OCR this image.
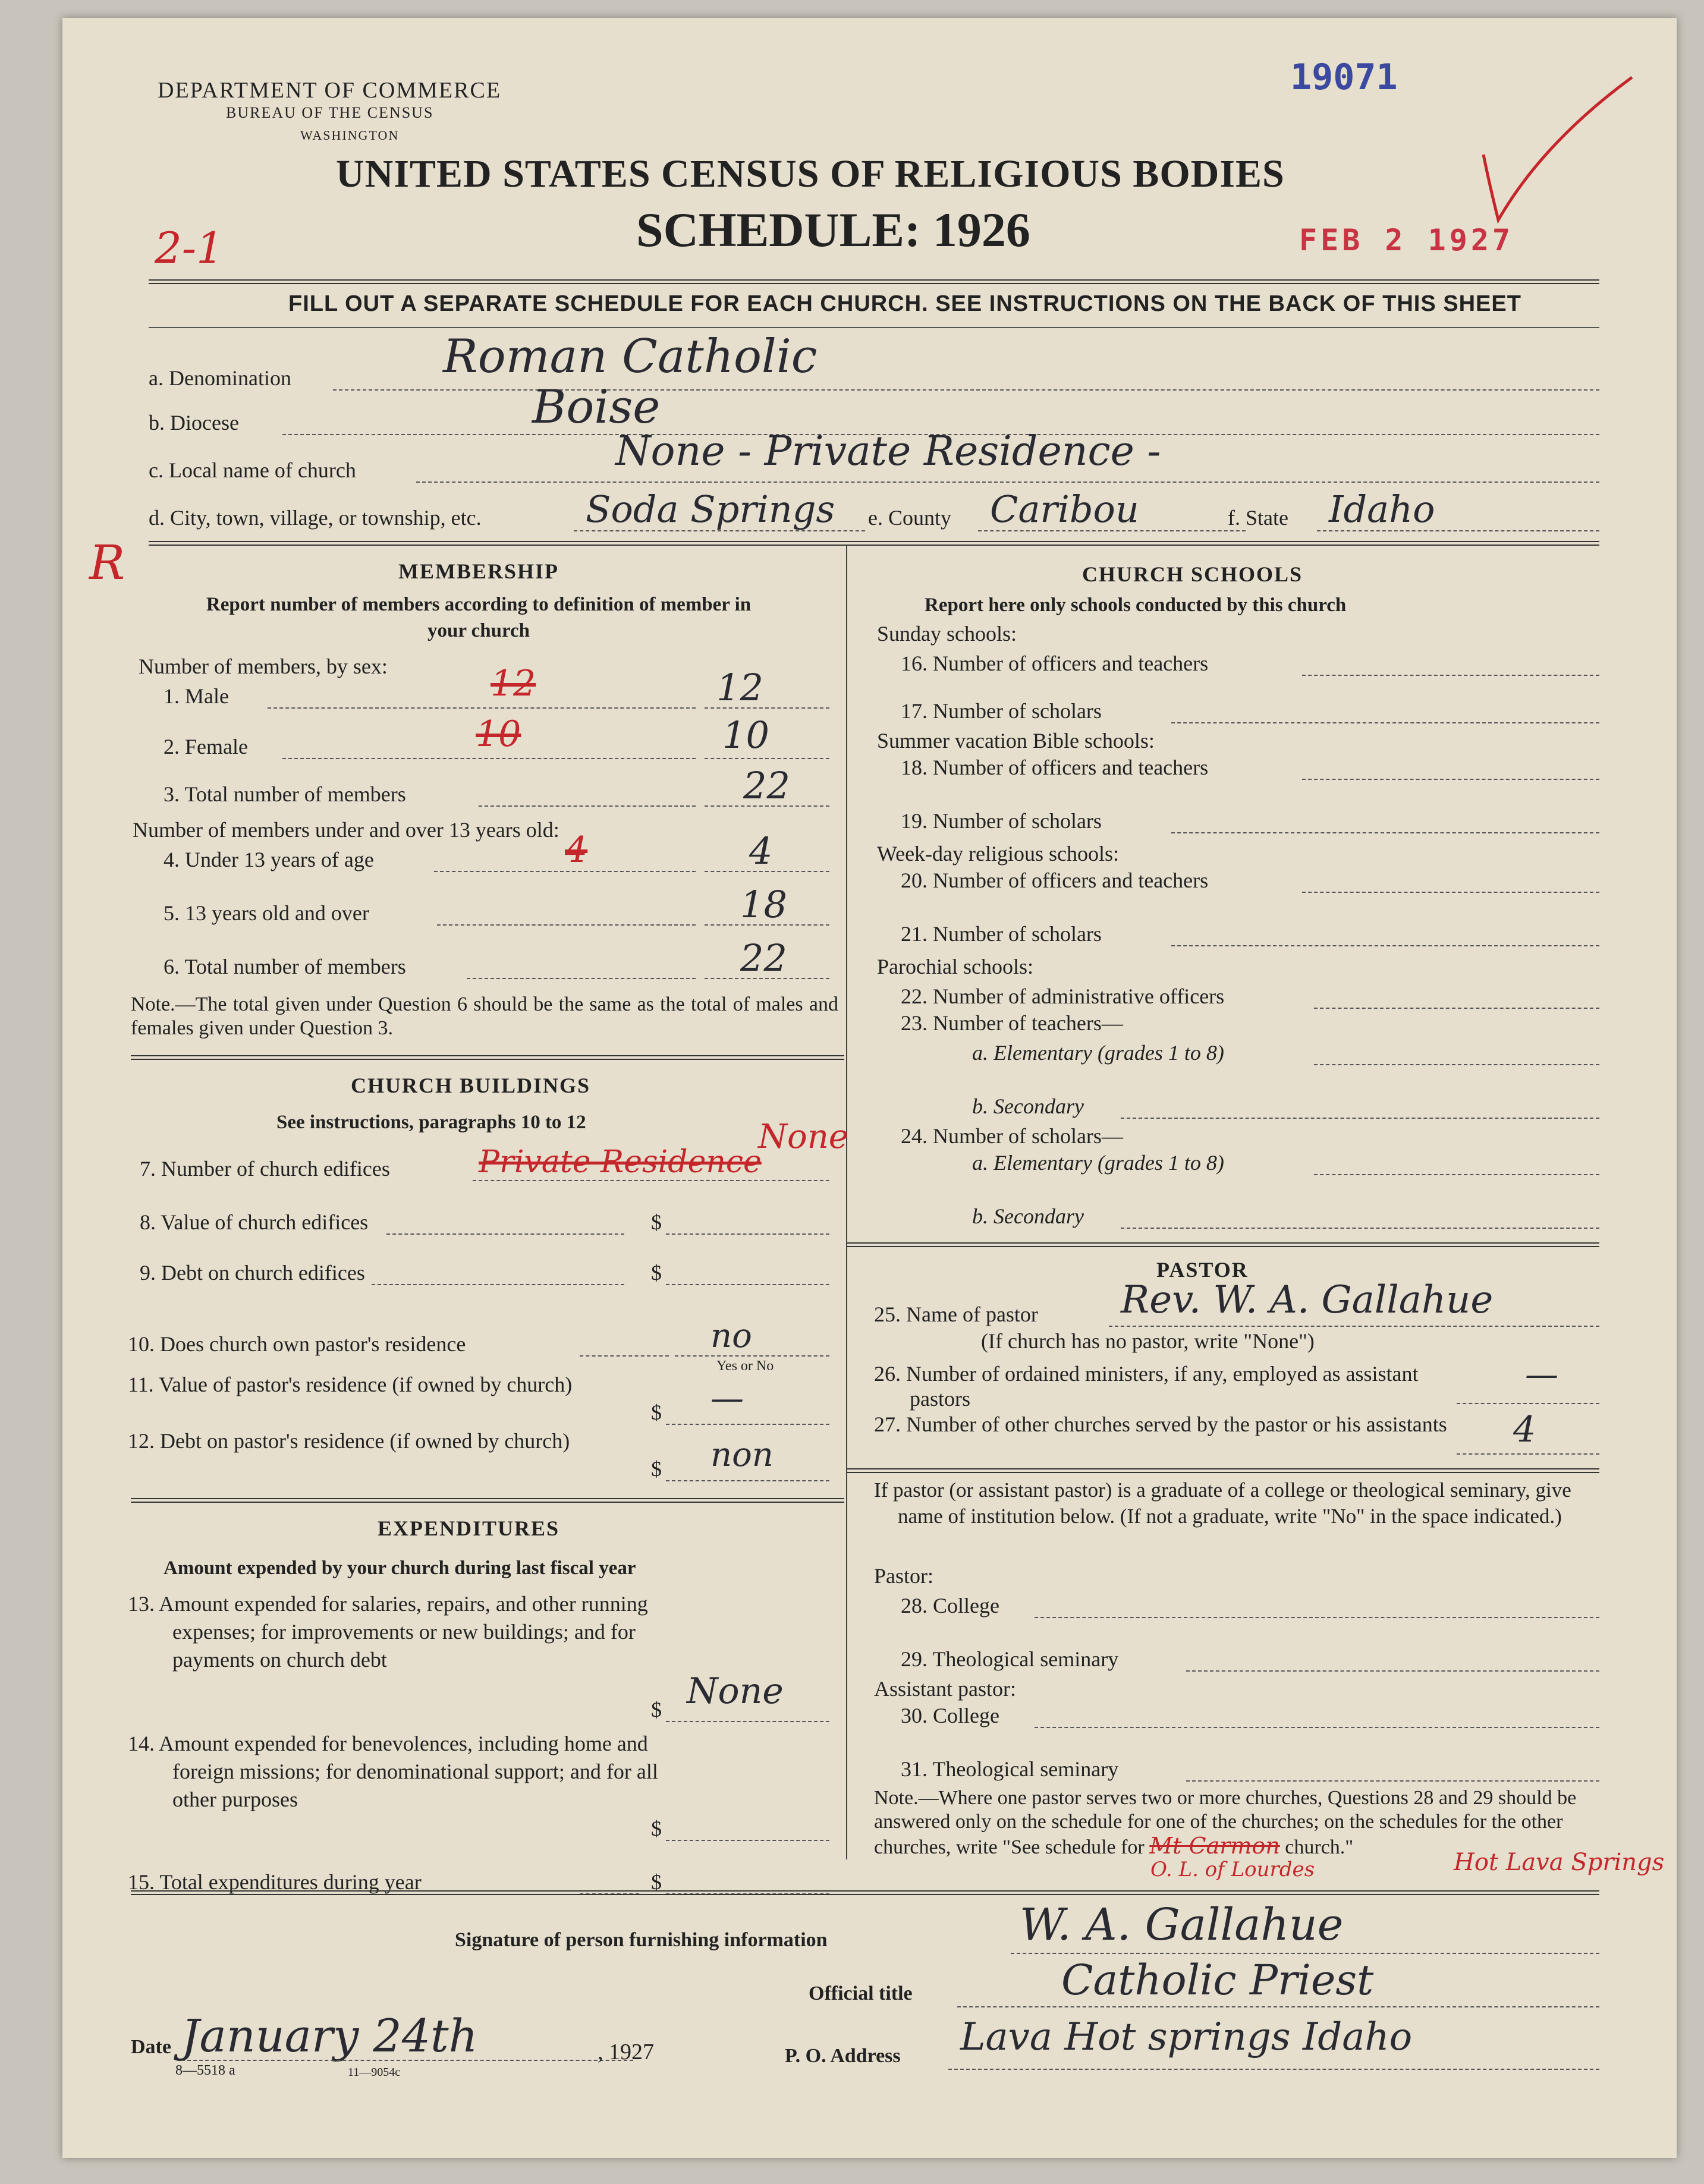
DEPARTMENT OF COMMERCE
BUREAU OF THE CENSUS
WASHINGTON
19071
UNITED STATES CENSUS OF RELIGIOUS BODIES
SCHEDULE: 1926
2-1	FEB 2 1927
FILL OUT A SEPARATE SCHEDULE FOR EACH CHURCH. SEE INSTRUCTIONS ON THE BACK OF THIS SHEET
a. Denomination	Roman Catholic
b. Diocese	Boise
c. Local name of church	None - Private Residence -
R
d. City, town, village, or township, etc.	Soda Springs e. County Caribou	f. State Idaho
MEMBERSHIP
Report number of members according to definition of member in your church
Number of members, by sex:
1. Male	12	12
2. Female	10	10
3. Total number of members	22
Number of members under and over 13 years old:
4. Under 13 years of age	4	4
5. 13 years old and over	18
6. Total number of members	22
Note.—The total given under Question 6 should be the same as the total of males and females given under Question 3.
CHURCH BUILDINGS
See instructions, paragraphs 10 to 12
7. Number of church edifices	Private Residence
None
8. Value of church edifices	$
9. Debt on church edifices	$
10. Does church own pastor's residence	no
Yes or No
11. Value of pastor's residence (if owned by church)
$ —
12. Debt on pastor's residence (if owned by church)
$ non
EXPENDITURES
Amount expended by your church during last fiscal year
13. Amount expended for salaries, repairs, and other running expenses; for improvements or new buildings; and for payments on church debt
$ None
14. Amount expended for benevolences, including home and foreign missions; for denominational support; and for all other purposes
$
15. Total expenditures during year	$
CHURCH SCHOOLS
Report here only schools conducted by this church
Sunday schools:
16. Number of officers and teachers
17. Number of scholars
Summer vacation Bible schools:
18. Number of officers and teachers
19. Number of scholars
Week-day religious schools:
20. Number of officers and teachers
21. Number of scholars
Parochial schools:
22. Number of administrative officers
23. Number of teachers—
a. Elementary (grades 1 to 8)
b. Secondary
24. Number of scholars—
a. Elementary (grades 1 to 8)
b. Secondary
PASTOR
25. Name of pastor Rev. W. A. Gallahue
(If church has no pastor, write "None")
26. Number of ordained ministers, if any, employed as assistant pastors
—
27. Number of other churches served by the pastor or his assistants	4
If pastor (or assistant pastor) is a graduate of a college or theological seminary, give name of institution below. (If not a graduate, write "No" in the space indicated.)
Pastor:
28. College
29. Theological seminary
Assistant pastor:
30. College
31. Theological seminary
Note.—Where one pastor serves two or more churches, Questions 28 and 29 should be answered only on the schedule for one of the churches; on the schedules for the other churches, write "See schedule for Mt Carmon church."
O. L. of Lourdes	Hot Lava Springs
Signature of person furnishing information	W. A. Gallahue
Official title	Catholic Priest
Date January 24th	, 1927	P. O. Address Lava Hot springs Idaho
8—5518 a	11—9054c
